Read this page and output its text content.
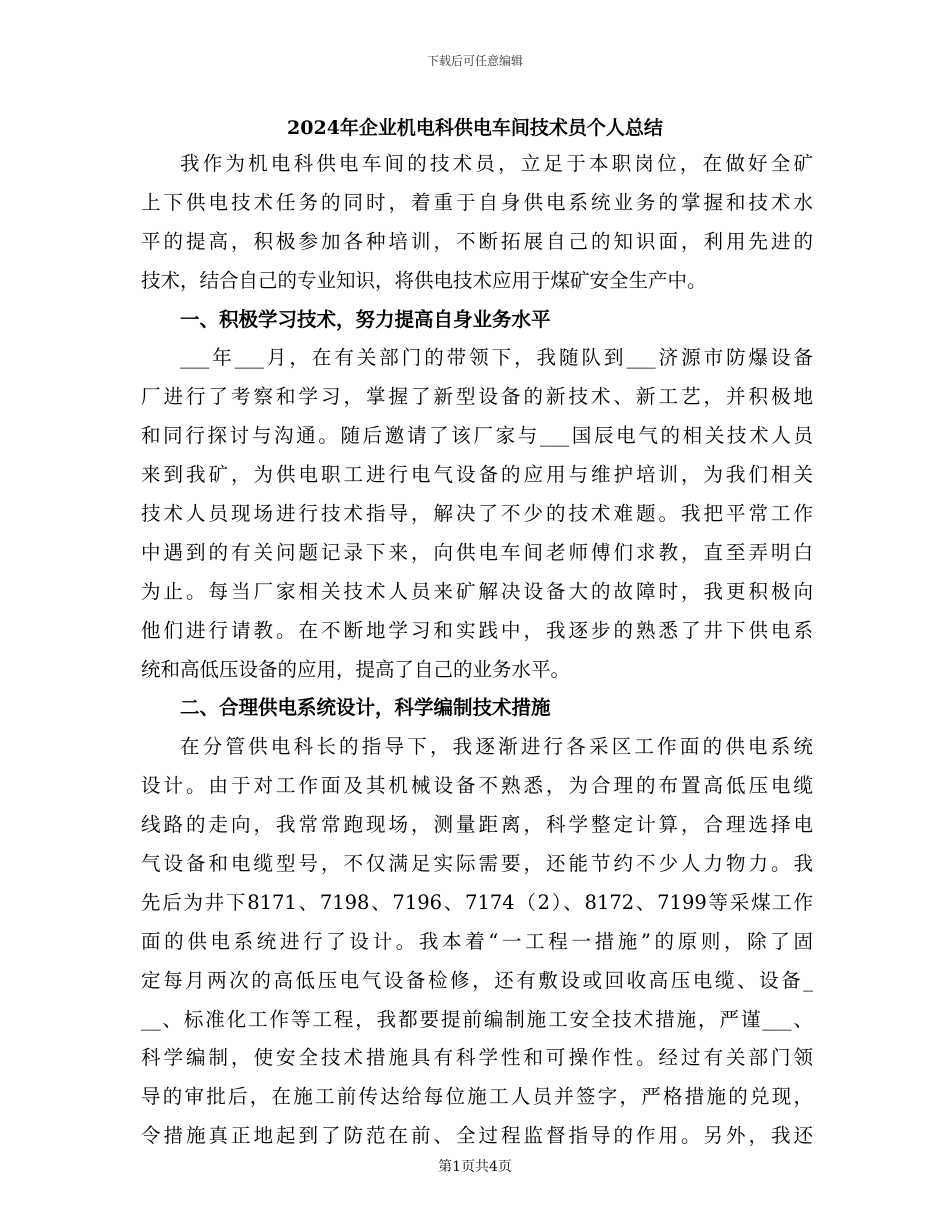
下载后可任意编辑
2024年企业机电科供电车间技术员个人总结
我作为机电科供电车间的技术员，立足于本职岗位，在做好全矿
上下供电技术任务的同时，着重于自身供电系统业务的掌握和技术水
平的提高，积极参加各种培训，不断拓展自己的知识面，利用先进的
技术，结合自己的专业知识，将供电技术应用于煤矿安全生产中。
一、积极学习技术，努力提高自身业务水平
___年___月，在有关部门的带领下，我随队到___济源市防爆设备
厂进行了考察和学习，掌握了新型设备的新技术、新工艺，并积极地
和同行探讨与沟通。随后邀请了该厂家与___国辰电气的相关技术人员
来到我矿，为供电职工进行电气设备的应用与维护培训，为我们相关
技术人员现场进行技术指导，解决了不少的技术难题。我把平常工作
中遇到的有关问题记录下来，向供电车间老师傅们求教，直至弄明白
为止。每当厂家相关技术人员来矿解决设备大的故障时，我更积极向
他们进行请教。在不断地学习和实践中，我逐步的熟悉了井下供电系
统和高低压设备的应用，提高了自己的业务水平。
二、合理供电系统设计，科学编制技术措施
在分管供电科长的指导下，我逐渐进行各采区工作面的供电系统
设计。由于对工作面及其机械设备不熟悉，为合理的布置高低压电缆
线路的走向，我常常跑现场，测量距离，科学整定计算，合理选择电
气设备和电缆型号，不仅满足实际需要，还能节约不少人力物力。我
先后为井下8171、7198、7196、7174（2）、8172、7199等采煤工作
面的供电系统进行了设计。我本着“一工程一措施”的原则，除了固
定每月两次的高低压电气设备检修，还有敷设或回收高压电缆、设备_
__、标准化工作等工程，我都要提前编制施工安全技术措施，严谨___、
科学编制，使安全技术措施具有科学性和可操作性。经过有关部门领
导的审批后，在施工前传达给每位施工人员并签字，严格措施的兑现，
令措施真正地起到了防范在前、全过程监督指导的作用。另外，我还
第1页共4页
